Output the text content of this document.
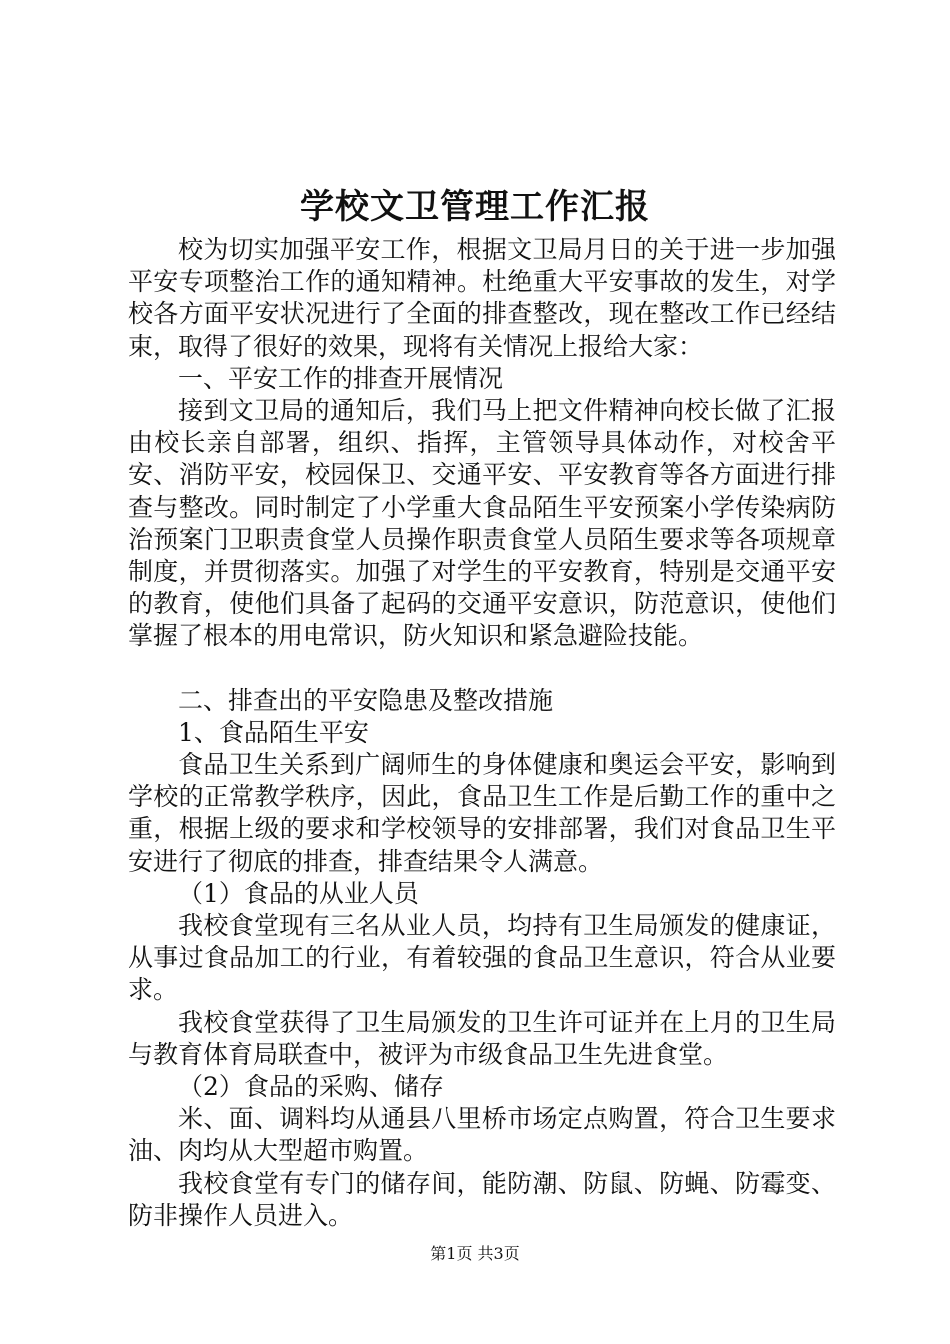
学校文卫管理工作汇报

校为切实加强平安工作，根据文卫局月日的关于进一步加强平安专项整治工作的通知精神。杜绝重大平安事故的发生，对学校各方面平安状况进行了全面的排查整改，现在整改工作已经结束，取得了很好的效果，现将有关情况上报给大家：

一、平安工作的排查开展情况

接到文卫局的通知后，我们马上把文件精神向校长做了汇报由校长亲自部署，组织、指挥，主管领导具体动作，对校舍平安、消防平安，校园保卫、交通平安、平安教育等各方面进行排查与整改。同时制定了小学重大食品陌生平安预案小学传染病防治预案门卫职责食堂人员操作职责食堂人员陌生要求等各项规章制度，并贯彻落实。加强了对学生的平安教育，特别是交通平安的教育，使他们具备了起码的交通平安意识，防范意识，使他们掌握了根本的用电常识，防火知识和紧急避险技能。

二、排查出的平安隐患及整改措施

1、食品陌生平安

食品卫生关系到广阔师生的身体健康和奥运会平安，影响到学校的正常教学秩序，因此，食品卫生工作是后勤工作的重中之重，根据上级的要求和学校领导的安排部署，我们对食品卫生平安进行了彻底的排查，排查结果令人满意。

（1）食品的从业人员

我校食堂现有三名从业人员，均持有卫生局颁发的健康证，从事过食品加工的行业，有着较强的食品卫生意识，符合从业要求。

我校食堂获得了卫生局颁发的卫生许可证并在上月的卫生局与教育体育局联查中，被评为市级食品卫生先进食堂。

（2）食品的采购、储存

米、面、调料均从通县八里桥市场定点购置，符合卫生要求油、肉均从大型超市购置。

我校食堂有专门的储存间，能防潮、防鼠、防蝇、防霉变、防非操作人员进入。

第1页 共3页
